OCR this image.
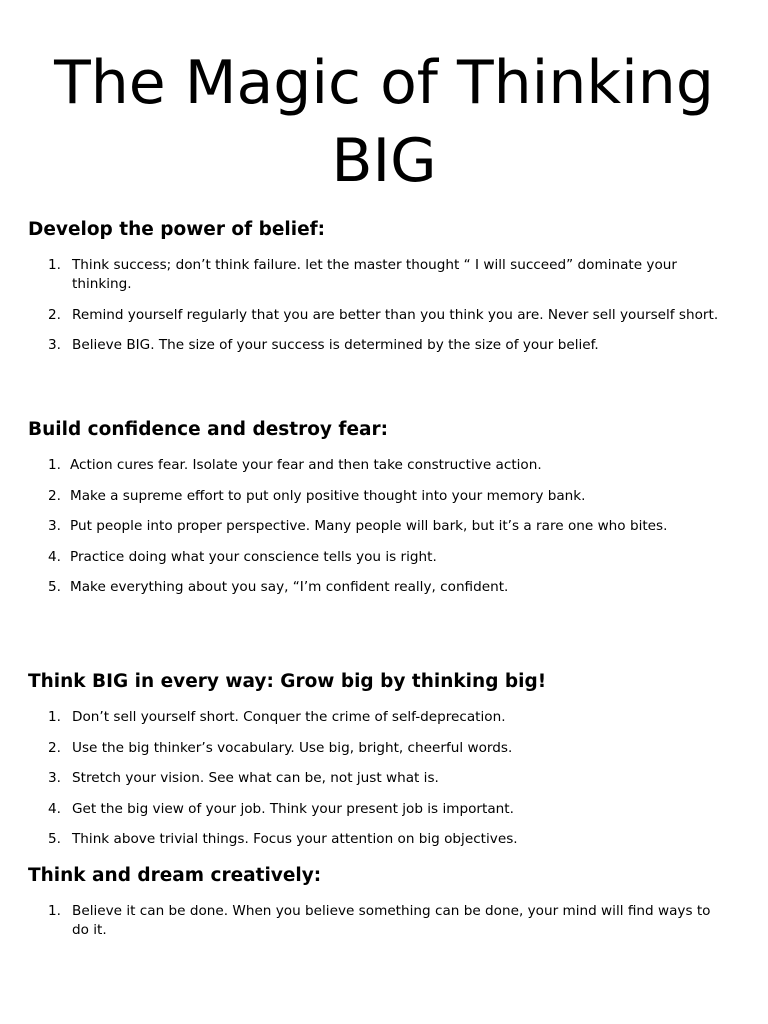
The Magic of Thinking
BIG
Develop the power of belief:
1. Think success; don’t think failure. let the master thought “ I will succeed” dominate your thinking.
2. Remind yourself regularly that you are better than you think you are. Never sell yourself short.
3. Believe BIG. The size of your success is determined by the size of your belief.
Build confidence and destroy fear:
1. Action cures fear. Isolate your fear and then take constructive action.
2. Make a supreme effort to put only positive thought into your memory bank.
3. Put people into proper perspective. Many people will bark, but it’s a rare one who bites.
4. Practice doing what your conscience tells you is right.
5. Make everything about you say, “I’m confident really, confident.
Think BIG in every way: Grow big by thinking big!
1. Don’t sell yourself short. Conquer the crime of self-deprecation.
2. Use the big thinker’s vocabulary. Use big, bright, cheerful words.
3. Stretch your vision. See what can be, not just what is.
4. Get the big view of your job. Think your present job is important.
5. Think above trivial things. Focus your attention on big objectives.
Think and dream creatively:
1. Believe it can be done. When you believe something can be done, your mind will find ways to do it.
